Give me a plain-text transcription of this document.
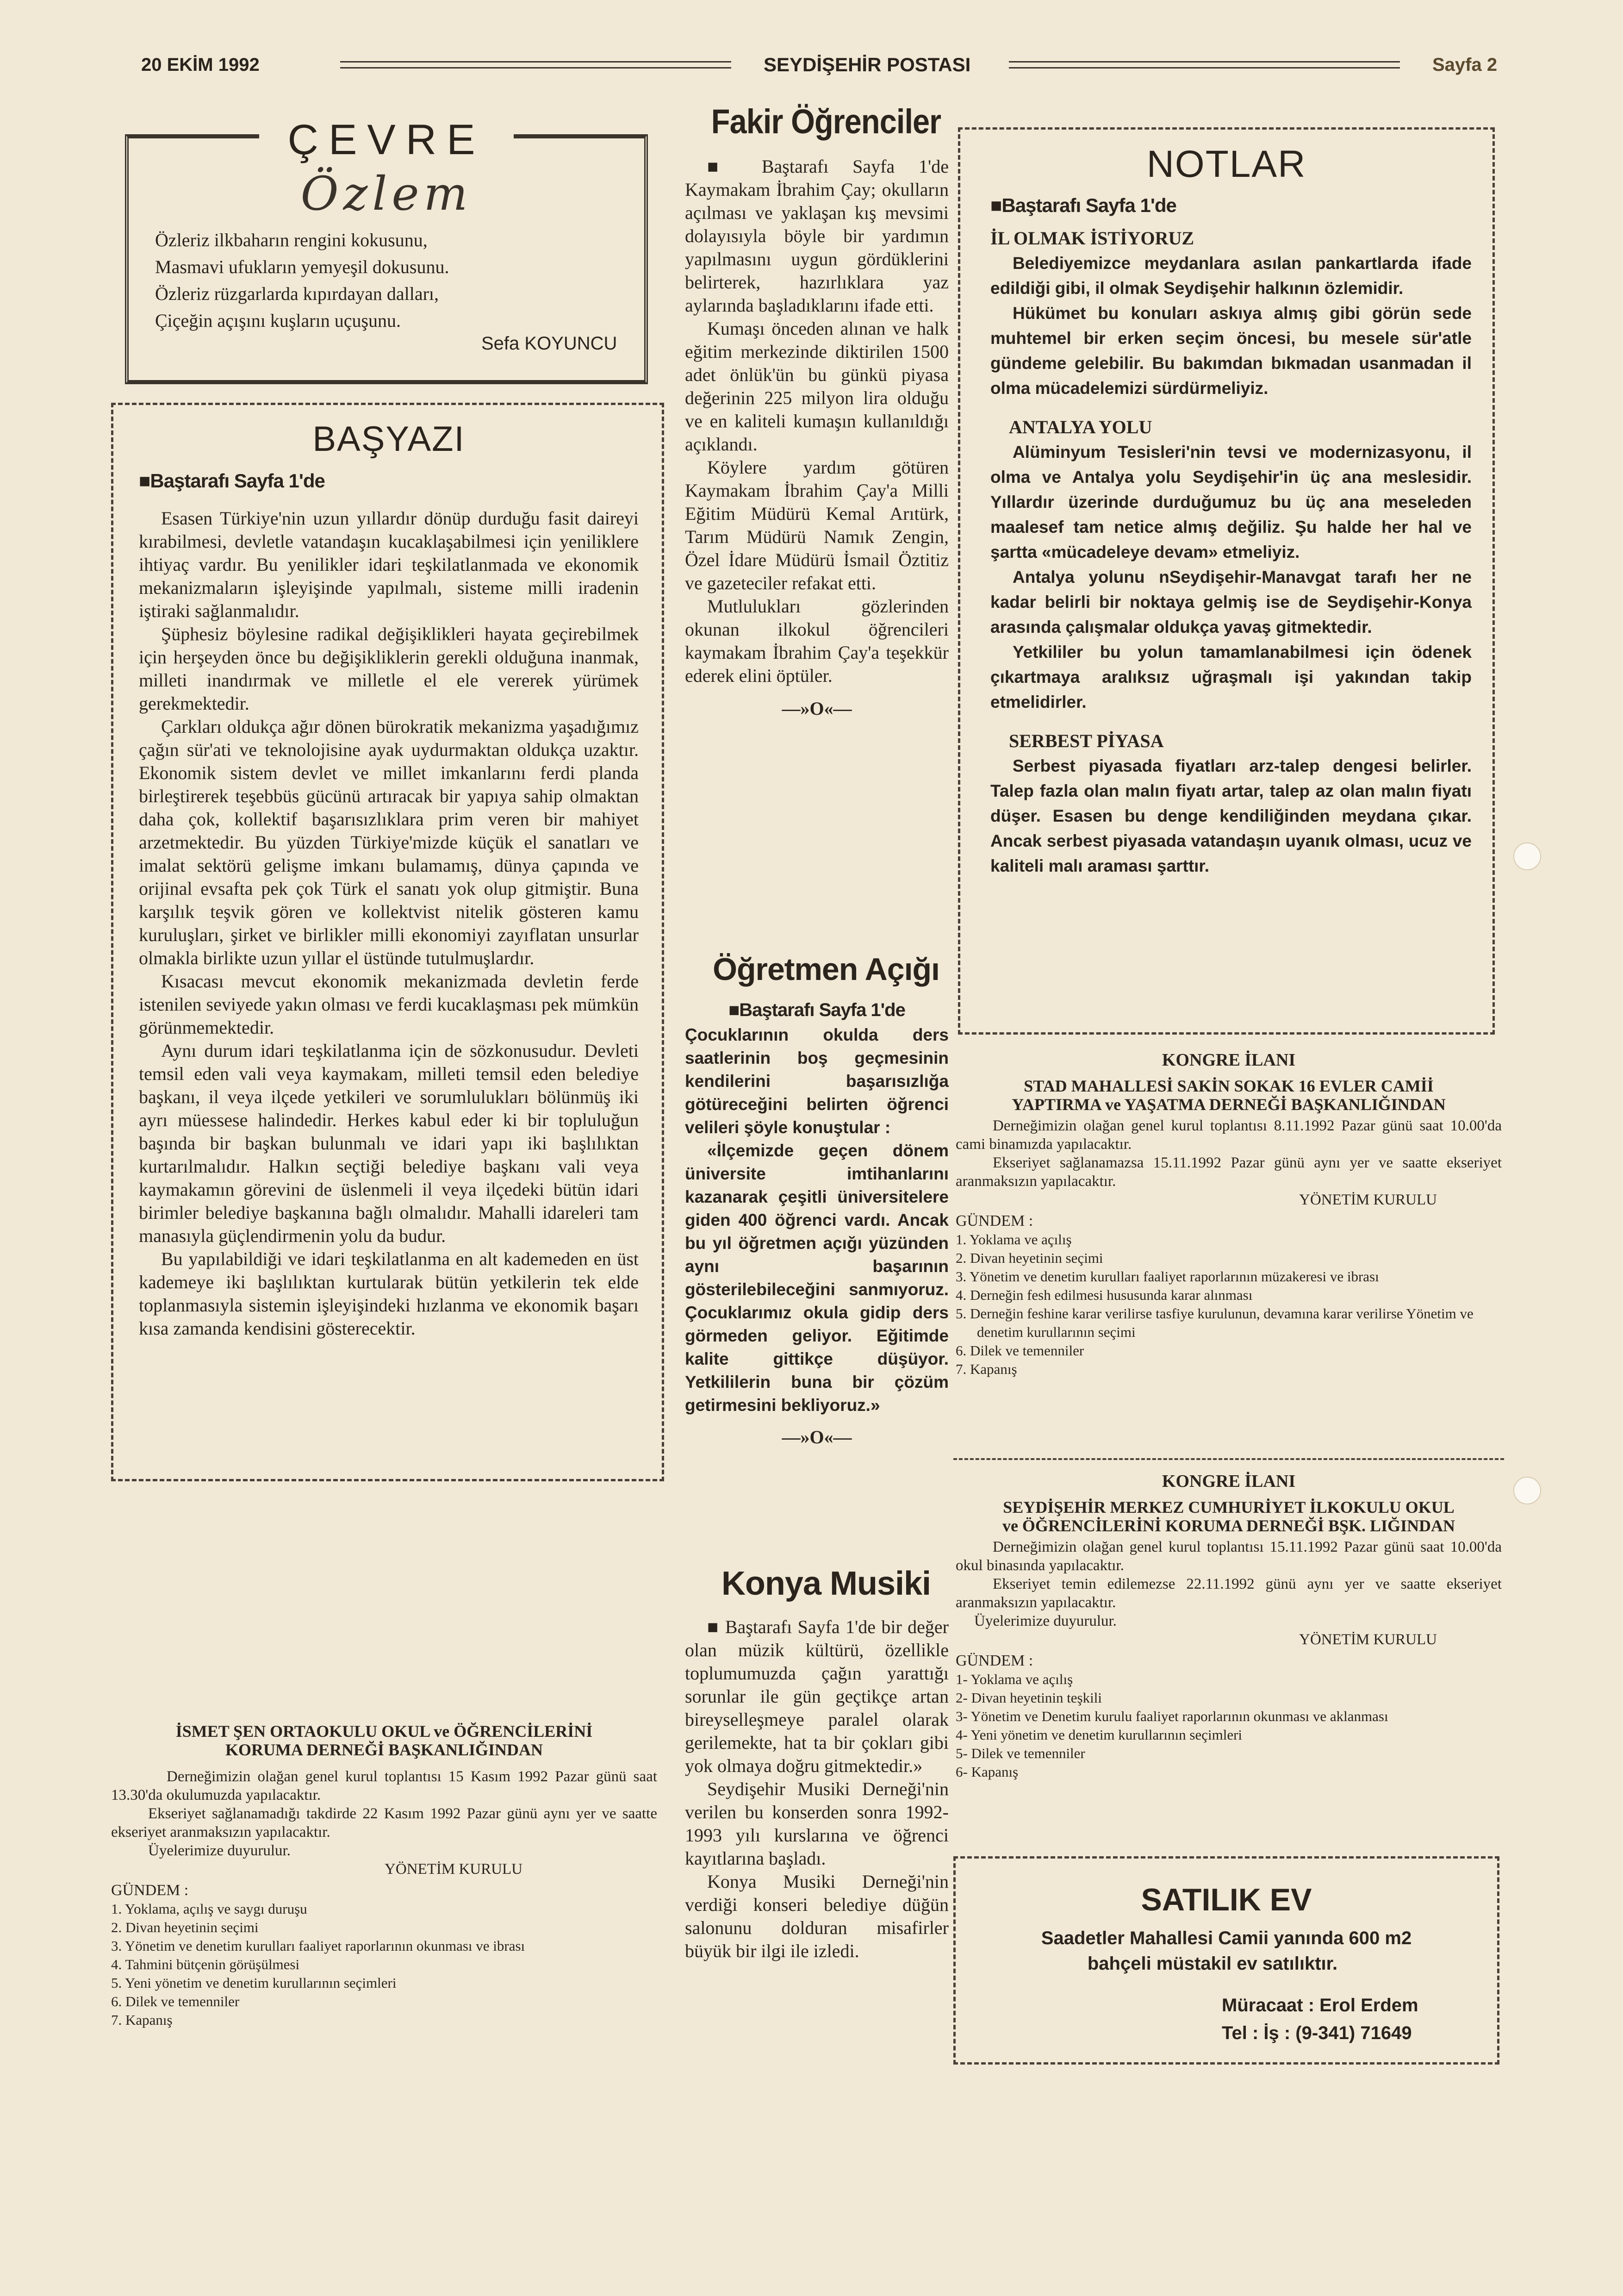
20 EKİM 1992	SEYDİŞEHİR POSTASI	Sayfa 2
ÇEVRE
Özlem
Özleriz ilkbaharın rengini kokusunu,
Masmavi ufukların yemyeşil dokusunu.
Özleriz rüzgarlarda kıpırdayan dalları,
Çiçeğin açışını kuşların uçuşunu.
Sefa KOYUNCU
BAŞYAZI
■Baştarafı Sayfa 1'de

Esasen Türkiye'nin uzun yıllardır dönüp durduğu fasit daireyi kırabilmesi, devletle vatandaşın kucaklaşabilmesi için yeniliklere ihtiyaç vardır. Bu yenilikler idari teşkilatlanmada ve ekonomik mekanizmaların işleyişinde yapılmalı, sisteme milli iradenin iştiraki sağlanmalıdır.

Şüphesiz böylesine radikal değişiklikleri hayata geçirebilmek için herşeyden önce bu değişikliklerin gerekli olduğuna inanmak, milleti inandırmak ve milletle el ele vererek yürümek gerekmektedir.

Çarkları oldukça ağır dönen bürokratik mekanizma yaşadığımız çağın sür'ati ve teknolojisine ayak uydurmaktan oldukça uzaktır. Ekonomik sistem devlet ve millet imkanlarını ferdi planda birleştirerek teşebbüs gücünü artıracak bir yapıya sahip olmaktan daha çok, kollektif başarısızlıklara prim veren bir mahiyet arzetmektedir. Bu yüzden Türkiye'mizde küçük el sanatları ve imalat sektörü gelişme imkanı bulamamış, dünya çapında ve orijinal evsafta pek çok Türk el sanatı yok olup gitmiştir. Buna karşılık teşvik gören ve kollektvist nitelik gösteren kamu kuruluşları, şirket ve birlikler milli ekonomiyi zayıflatan unsurlar olmakla birlikte uzun yıllar el üstünde tutulmuşlardır.

Kısacası mevcut ekonomik mekanizmada devletin ferde istenilen seviyede yakın olması ve ferdi kucaklaşması pek mümkün görünmemektedir.

Aynı durum idari teşkilatlanma için de sözkonusudur. Devleti temsil eden vali veya kaymakam, milleti temsil eden belediye başkanı, il veya ilçede yetkileri ve sorumlulukları bölünmüş iki ayrı müessese halindedir. Herkes kabul eder ki bir topluluğun başında bir başkan bulunmalı ve idari yapı iki başlılıktan kurtarılmalıdır. Halkın seçtiği belediye başkanı vali veya kaymakamın görevini de üslenmeli il veya ilçedeki bütün idari birimler belediye başkanına bağlı olmalıdır. Mahalli idareleri tam manasıyla güçlendirmenin yolu da budur.

Bu yapılabildiği ve idari teşkilatlanma en alt kademeden en üst kademeye iki başlılıktan kurtularak bütün yetkilerin tek elde toplanmasıyla sistemin işleyişindeki hızlanma ve ekonomik başarı kısa zamanda kendisini gösterecektir.

İSMET ŞEN ORTAOKULU OKUL ve ÖĞRENCİLERİNİ
KORUMA DERNEĞİ BAŞKANLIĞINDAN

Derneğimizin olağan genel kurul toplantısı 15 Kasım 1992 Pazar günü saat 13.30'da okulumuzda yapılacaktır.

Ekseriyet sağlanamadığı takdirde 22 Kasım 1992 Pazar günü aynı yer ve saatte ekseriyet aranmaksızın yapılacaktır.

Üyelerimize duyurulur.

YÖNETİM KURULU
GÜNDEM :
1. Yoklama, açılış ve saygı duruşu
2. Divan heyetinin seçimi
3. Yönetim ve denetim kurulları faaliyet raporlarının okunması ve ibrası
4. Tahmini bütçenin görüşülmesi
5. Yeni yönetim ve denetim kurullarının seçimleri
6. Dilek ve temenniler
7. Kapanış
Fakir Öğrenciler

■ Baştarafı Sayfa 1'de Kaymakam İbrahim Çay; okulların açılması ve yaklaşan kış mevsimi dolayısıyla böyle bir yardımın yapılmasını uygun gördüklerini belirterek, hazırlıklara yaz aylarında başladıklarını ifade etti.

Kumaşı önceden alınan ve halk eğitim merkezinde diktirilen 1500 adet önlük'ün bu günkü piyasa değerinin 225 milyon lira olduğu ve en kaliteli kumaşın kullanıldığı açıklandı.

Köylere yardım götüren Kaymakam İbrahim Çay'a Milli Eğitim Müdürü Kemal Arıtürk, Tarım Müdürü Namık Zengin, Özel İdare Müdürü İsmail Öztitiz ve gazeteciler refakat etti.

Mutlulukları gözlerinden okunan ilkokul öğrencileri kaymakam İbrahim Çay'a teşekkür ederek elini öptüler.

—»O«—
Öğretmen Açığı
■Baştarafı Sayfa 1'de

Çocuklarının okulda ders saatlerinin boş geçmesinin kendilerini başarısızlığa götüreceğini belirten öğrenci velileri şöyle konuştular :

«İlçemizde geçen dönem üniversite imtihanlarını kazanarak çeşitli üniversitelere giden 400 öğrenci vardı. Ancak bu yıl öğretmen açığı yüzünden aynı başarının gösterilebileceğini sanmıyoruz. Çocuklarımız okula gidip ders görmeden geliyor. Eğitimde kalite gittikçe düşüyor. Yetkililerin buna bir çözüm getirmesini bekliyoruz.»

—»O«—
Konya Musiki

■ Baştarafı Sayfa 1'de bir değer olan müzik kültürü, özellikle toplumumuzda çağın yarattığı sorunlar ile gün geçtikçe artan bireyselleşmeye paralel olarak gerilemekte, hat ta bir çokları gibi yok olmaya doğru gitmektedir.»

Seydişehir Musiki Derneği'nin verilen bu konserden sonra 1992-1993 yılı kurslarına ve öğrenci kayıtlarına başladı.

Konya Musiki Derneği'nin verdiği konseri belediye düğün salonunu dolduran misafirler büyük bir ilgi ile izledi.

NOTLAR
■Baştarafı Sayfa 1'de
İL OLMAK İSTİYORUZ

Belediyemizce meydanlara asılan pankartlarda ifade edildiği gibi, il olmak Seydişehir halkının özlemidir.

Hükümet bu konuları askıya almış gibi görün sede muhtemel bir erken seçim öncesi, bu mesele sür'atle gündeme gelebilir. Bu bakımdan bıkmadan usanmadan il olma mücadelemizi sürdürmeliyiz.

ANTALYA YOLU

Alüminyum Tesisleri'nin tevsi ve modernizasyonu, il olma ve Antalya yolu Seydişehir'in üç ana meslesidir. Yıllardır üzerinde durduğumuz bu üç ana meseleden maalesef tam netice almış değiliz. Şu halde her hal ve şartta «mücadeleye devam» etmeliyiz.

Antalya yolunu nSeydişehir-Manavgat tarafı her ne kadar belirli bir noktaya gelmiş ise de Seydişehir-Konya arasında çalışmalar oldukça yavaş gitmektedir.

Yetkililer bu yolun tamamlanabilmesi için ödenek çıkartmaya aralıksız uğraşmalı işi yakından takip etmelidirler.

SERBEST PİYASA

Serbest piyasada fiyatları arz-talep dengesi belirler. Talep fazla olan malın fiyatı artar, talep az olan malın fiyatı düşer. Esasen bu denge kendiliğinden meydana çıkar. Ancak serbest piyasada vatandaşın uyanık olması, ucuz ve kaliteli malı araması şarttır.

KONGRE İLANI
STAD MAHALLESİ SAKİN SOKAK 16 EVLER CAMİİ
YAPTIRMA ve YAŞATMA DERNEĞİ BAŞKANLIĞINDAN

Derneğimizin olağan genel kurul toplantısı 8.11.1992 Pazar günü saat 10.00'da cami binamızda yapılacaktır.

Ekseriyet sağlanamazsa 15.11.1992 Pazar günü aynı yer ve saatte ekseriyet aranmaksızın yapılacaktır.

YÖNETİM KURULU
GÜNDEM :
1. Yoklama ve açılış
2. Divan heyetinin seçimi
3. Yönetim ve denetim kurulları faaliyet raporlarının müzakeresi ve ibrası
4. Derneğin fesh edilmesi hususunda karar alınması
5. Derneğin feshine karar verilirse tasfiye kurulunun, devamına karar verilirse Yönetim ve denetim kurullarının seçimi
6. Dilek ve temenniler
7. Kapanış
KONGRE İLANI
SEYDİŞEHİR MERKEZ CUMHURİYET İLKOKULU OKUL
ve ÖĞRENCİLERİNİ KORUMA DERNEĞİ BŞK. LIĞINDAN

Derneğimizin olağan genel kurul toplantısı 15.11.1992 Pazar günü saat 10.00'da okul binasında yapılacaktır.

Ekseriyet temin edilemezse 22.11.1992 günü aynı yer ve saatte ekseriyet aranmaksızın yapılacaktır.

Üyelerimize duyurulur.

YÖNETİM KURULU
GÜNDEM :
1- Yoklama ve açılış
2- Divan heyetinin teşkili
3- Yönetim ve Denetim kurulu faaliyet raporlarının okunması ve aklanması
4- Yeni yönetim ve denetim kurullarının seçimleri
5- Dilek ve temenniler
6- Kapanış
SATILIK EV
Saadetler Mahallesi Camii yanında 600 m2
bahçeli müstakil ev satılıktır.
Müracaat : Erol Erdem
Tel : İş : (9-341) 71649
